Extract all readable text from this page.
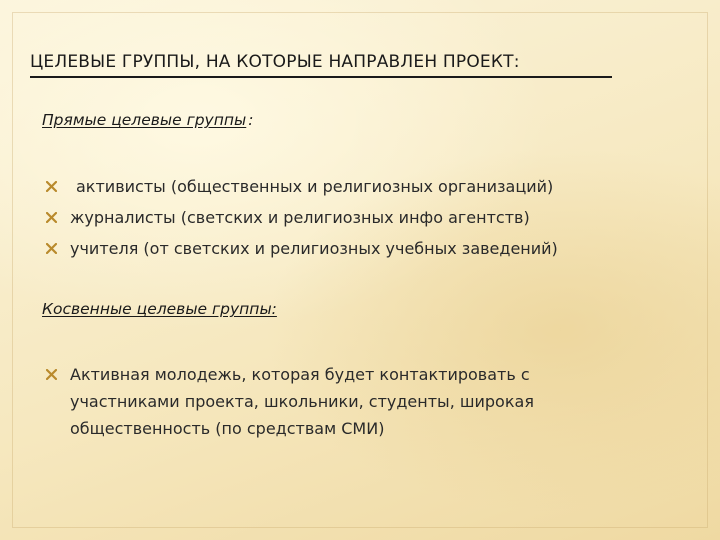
ЦЕЛЕВЫЕ ГРУППЫ, НА КОТОРЫЕ НАПРАВЛЕН ПРОЕКТ:
Прямые целевые группы :
активисты (общественных и религиозных организаций)
журналисты (светских и религиозных инфо агентств)
учителя (от светских и религиозных учебных заведений)
Косвенные целевые группы:
Активная молодежь, которая будет контактировать с участниками проекта, школьники, студенты, широкая общественность (по средствам СМИ)
